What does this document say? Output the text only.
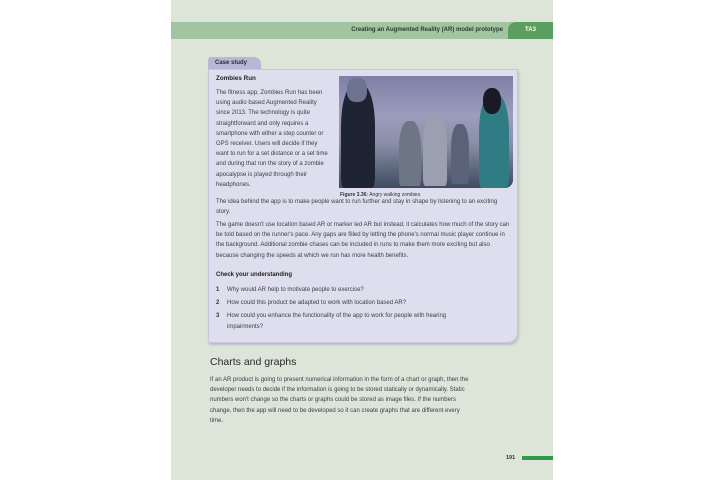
Creating an Augmented Reality (AR) model prototype	TA3
Case study
Zombies Run
The fitness app, Zombies Run has been using audio based Augmented Reality since 2013. The technology is quite straightforward and only requires a smartphone with either a step counter or GPS receiver. Users will decide if they want to run for a set distance or a set time and during that run the story of a zombie apocalypse is played through their headphones.
Figure 3.36: Angry walking zombies
The idea behind the app is to make people want to run further and stay in shape by listening to an exciting story.
The game doesn't use location based AR or marker led AR but instead, it calculates how much of the story can be told based on the runner's pace. Any gaps are filled by letting the phone's normal music player continue in the background. Additional zombie chases can be included in runs to make them more exciting but also because changing the speeds at which we run has more health benefits.
Check your understanding
1	Why would AR help to motivate people to exercise?
2	How could this product be adapted to work with location based AR?
3	How could you enhance the functionality of the app to work for people with hearing impairments?
Charts and graphs
If an AR product is going to present numerical information in the form of a chart or graph, then the developer needs to decide if the information is going to be stored statically or dynamically. Static numbers won't change so the charts or graphs could be stored as image files. If the numbers change, then the app will need to be developed so it can create graphs that are different every time.
191
